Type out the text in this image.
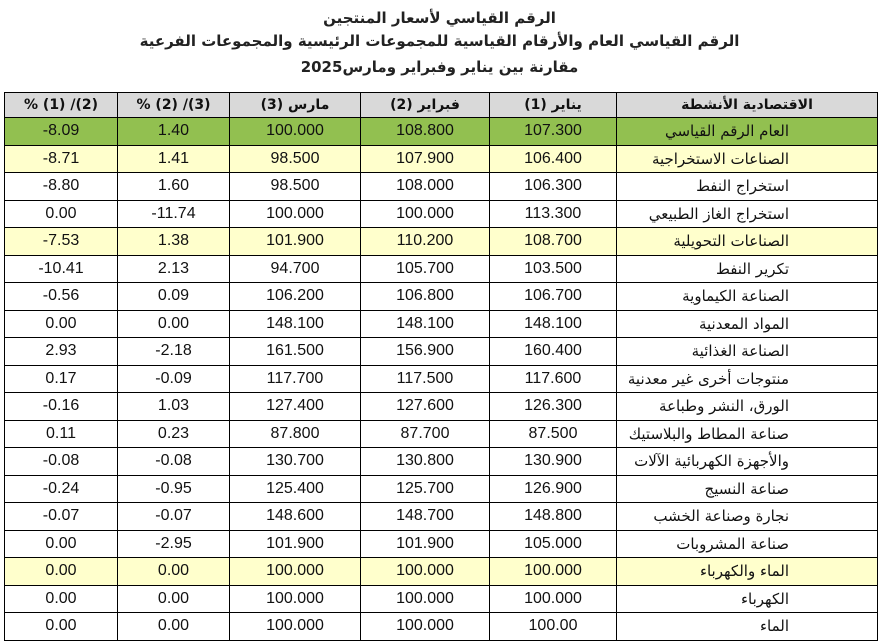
الرقم القياسي لأسعار المنتجين
الرقم القياسي العام والأرقام القياسية للمجموعات الرئيسية والمجموعات الفرعية
مقارنة بين يناير وفبراير ومارس2025
% (1) /(2)	% (2) /(3)	مارس (3)	فبراير (2)	يناير (1)	الاقتصادية الأنشطة
-8.09	1.40	100.000	108.800	107.300	العام الرقم القياسي
-8.71	1.41	98.500	107.900	106.400	الصناعات الاستخراجية
-8.80	1.60	98.500	108.000	106.300	استخراج النفط
0.00	-11.74	100.000	100.000	113.300	استخراج الغاز الطبيعي
-7.53	1.38	101.900	110.200	108.700	الصناعات التحويلية
-10.41	2.13	94.700	105.700	103.500	تكرير النفط
-0.56	0.09	106.200	106.800	106.700	الصناعة الكيماوية
0.00	0.00	148.100	148.100	148.100	المواد المعدنية
2.93	-2.18	161.500	156.900	160.400	الصناعة الغذائية
0.17	-0.09	117.700	117.500	117.600	منتوجات أخرى غير معدنية
-0.16	1.03	127.400	127.600	126.300	الورق، النشر وطباعة
0.11	0.23	87.800	87.700	87.500	صناعة المطاط والبلاستيك
-0.08	-0.08	130.700	130.800	130.900	والأجهزة الكهربائية الآلات
-0.24	-0.95	125.400	125.700	126.900	صناعة النسيج
-0.07	-0.07	148.600	148.700	148.800	نجارة وصناعة الخشب
0.00	-2.95	101.900	101.900	105.000	صناعة المشروبات
0.00	0.00	100.000	100.000	100.000	الماء والكهرباء
0.00	0.00	100.000	100.000	100.000	الكهرباء
0.00	0.00	100.000	100.000	100.00	الماء
